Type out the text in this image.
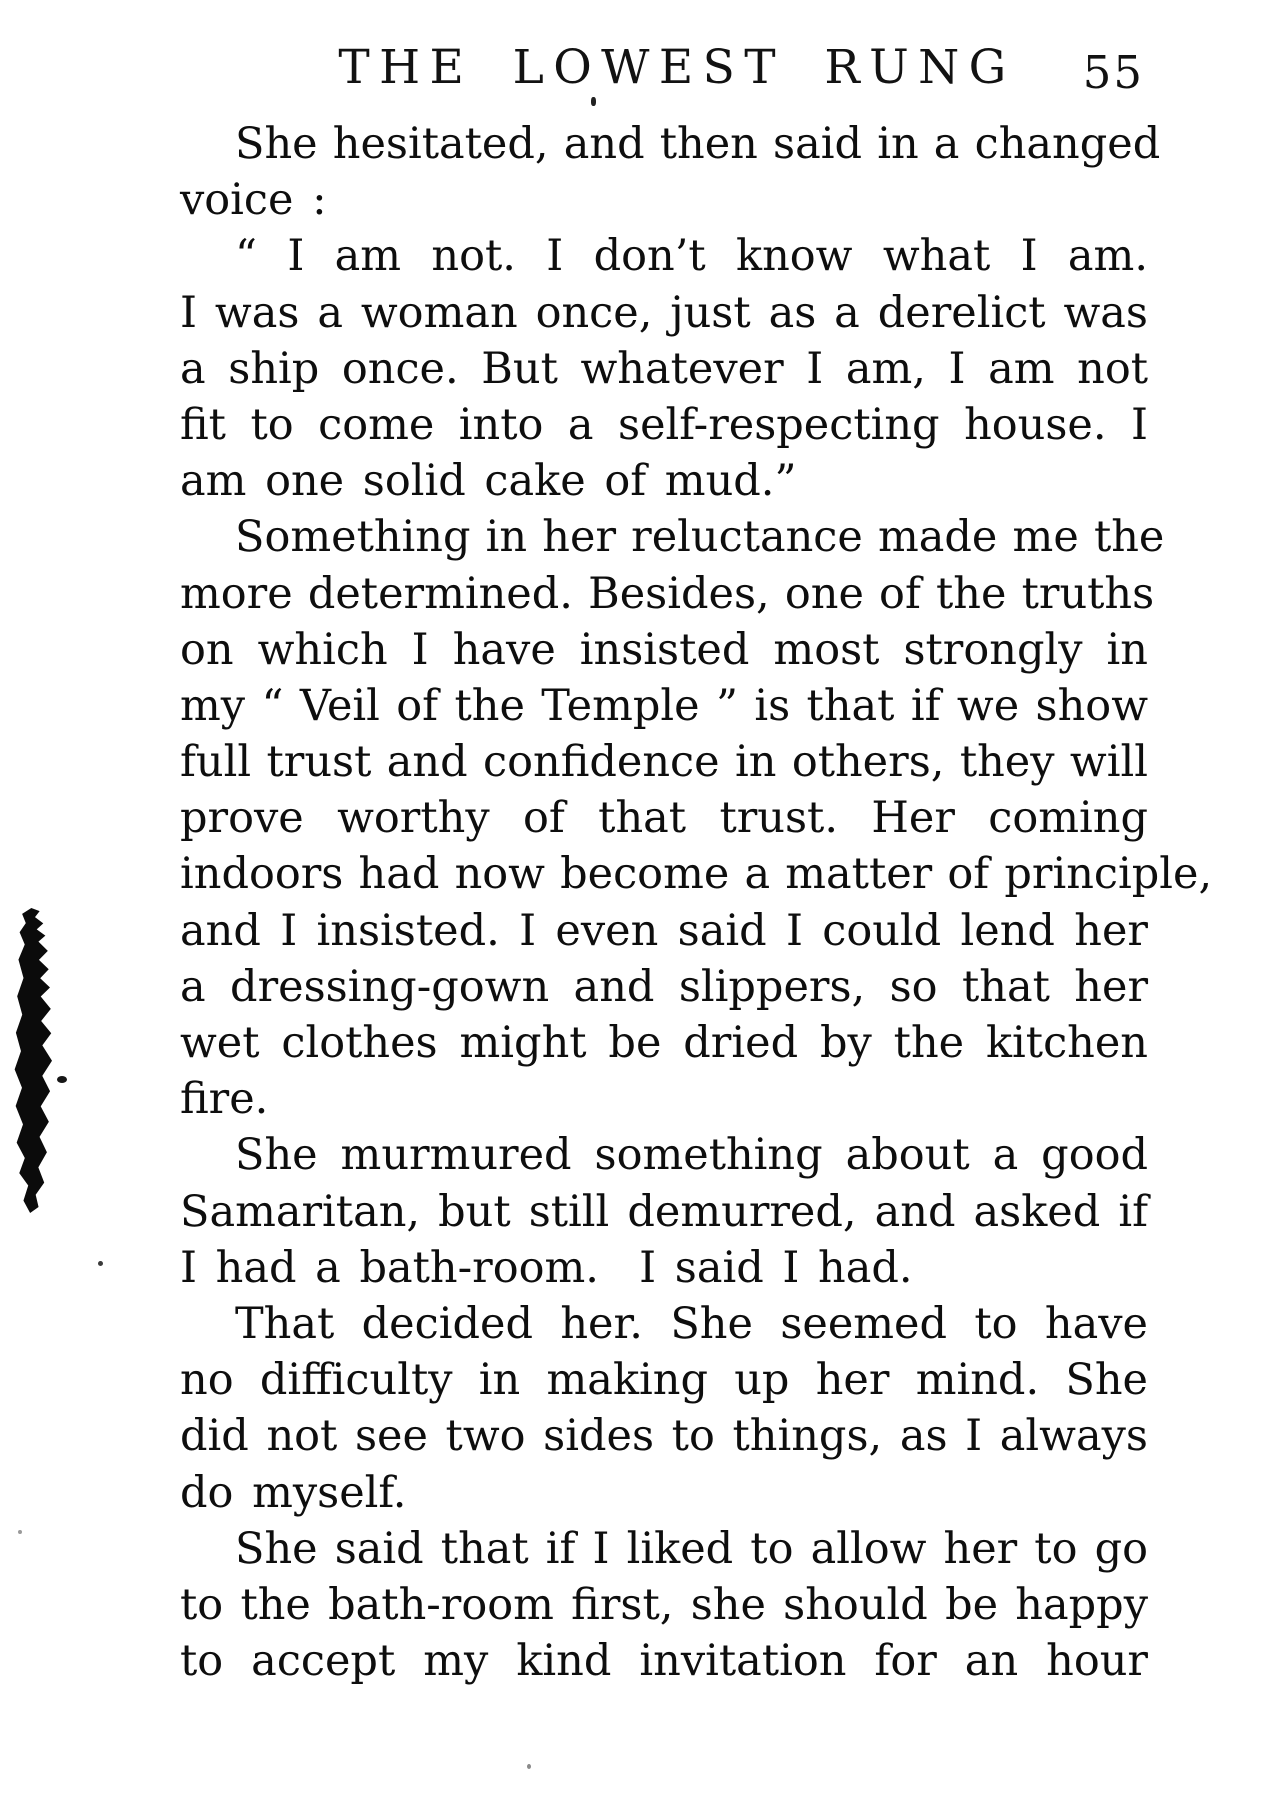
THE LOWEST RUNG	55
She hesitated, and then said in a changed
voice :
“ I am not. I don’t know what I am.
I was a woman once, just as a derelict was
a ship once. But whatever I am, I am not
fit to come into a self-respecting house. I
am one solid cake of mud.”
Something in her reluctance made me the
more determined. Besides, one of the truths
on which I have insisted most strongly in
my “ Veil of the Temple ” is that if we show
full trust and confidence in others, they will
prove worthy of that trust. Her coming
indoors had now become a matter of principle,
and I insisted. I even said I could lend her
a dressing-gown and slippers, so that her
wet clothes might be dried by the kitchen
fire.
She murmured something about a good
Samaritan, but still demurred, and asked if
I had a bath-room.  I said I had.
That decided her. She seemed to have
no difficulty in making up her mind. She
did not see two sides to things, as I always
do myself.
She said that if I liked to allow her to go
to the bath-room first, she should be happy
to accept my kind invitation for an hour
